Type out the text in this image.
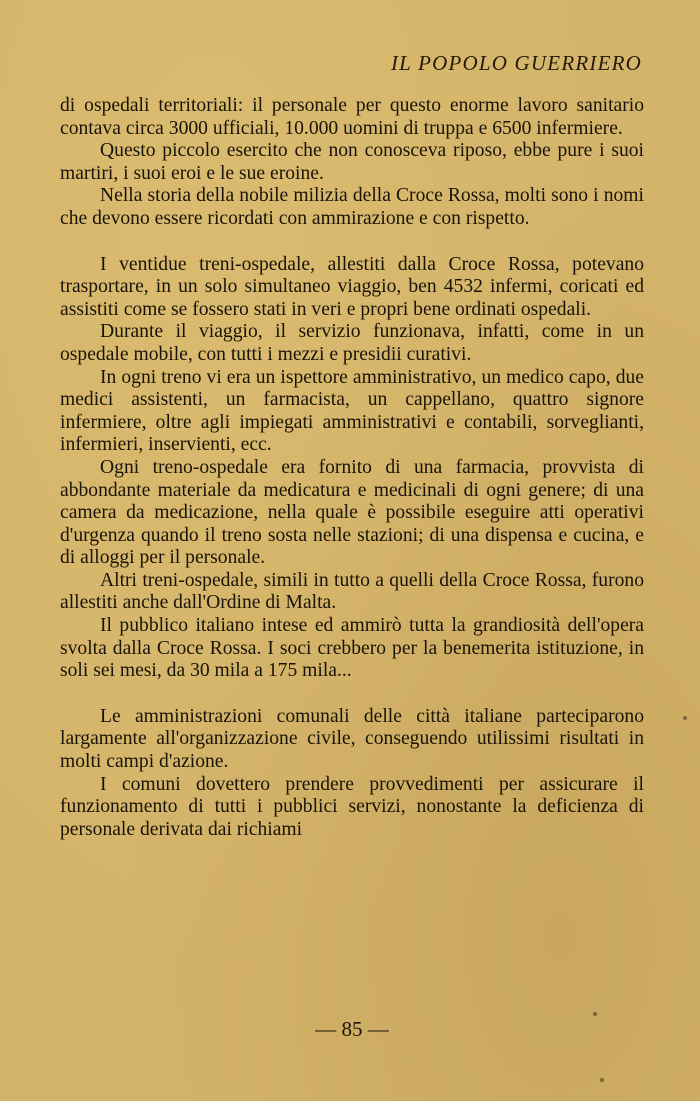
IL POPOLO GUERRIERO

di ospedali territoriali: il personale per questo enorme lavoro sanitario contava circa 3000 ufficiali, 10.000 uomini di truppa e 6500 infermiere.

Questo piccolo esercito che non conosceva riposo, ebbe pure i suoi martiri, i suoi eroi e le sue eroine.

Nella storia della nobile milizia della Croce Rossa, molti sono i nomi che devono essere ricordati con ammirazione e con rispetto.

I ventidue treni-ospedale, allestiti dalla Croce Rossa, potevano trasportare, in un solo simultaneo viaggio, ben 4532 infermi, coricati ed assistiti come se fossero stati in veri e propri bene ordinati ospedali.

Durante il viaggio, il servizio funzionava, infatti, come in un ospedale mobile, con tutti i mezzi e presidii curativi.

In ogni treno vi era un ispettore amministrativo, un medico capo, due medici assistenti, un farmacista, un cappellano, quattro signore infermiere, oltre agli impiegati amministrativi e contabili, sorveglianti, infermieri, inservienti, ecc.

Ogni treno-ospedale era fornito di una farmacia, provvista di abbondante materiale da medicatura e medicinali di ogni genere; di una camera da medicazione, nella quale è possibile eseguire atti operativi d'urgenza quando il treno sosta nelle stazioni; di una dispensa e cucina, e di alloggi per il personale.

Altri treni-ospedale, simili in tutto a quelli della Croce Rossa, furono allestiti anche dall'Ordine di Malta.

Il pubblico italiano intese ed ammirò tutta la grandiosità dell'opera svolta dalla Croce Rossa. I soci crebbero per la benemerita istituzione, in soli sei mesi, da 30 mila a 175 mila...

Le amministrazioni comunali delle città italiane parteciparono largamente all'organizzazione civile, conseguendo utilissimi risultati in molti campi d'azione.

I comuni dovettero prendere provvedimenti per assicurare il funzionamento di tutti i pubblici servizi, nonostante la deficienza di personale derivata dai richiami

— 85 —
